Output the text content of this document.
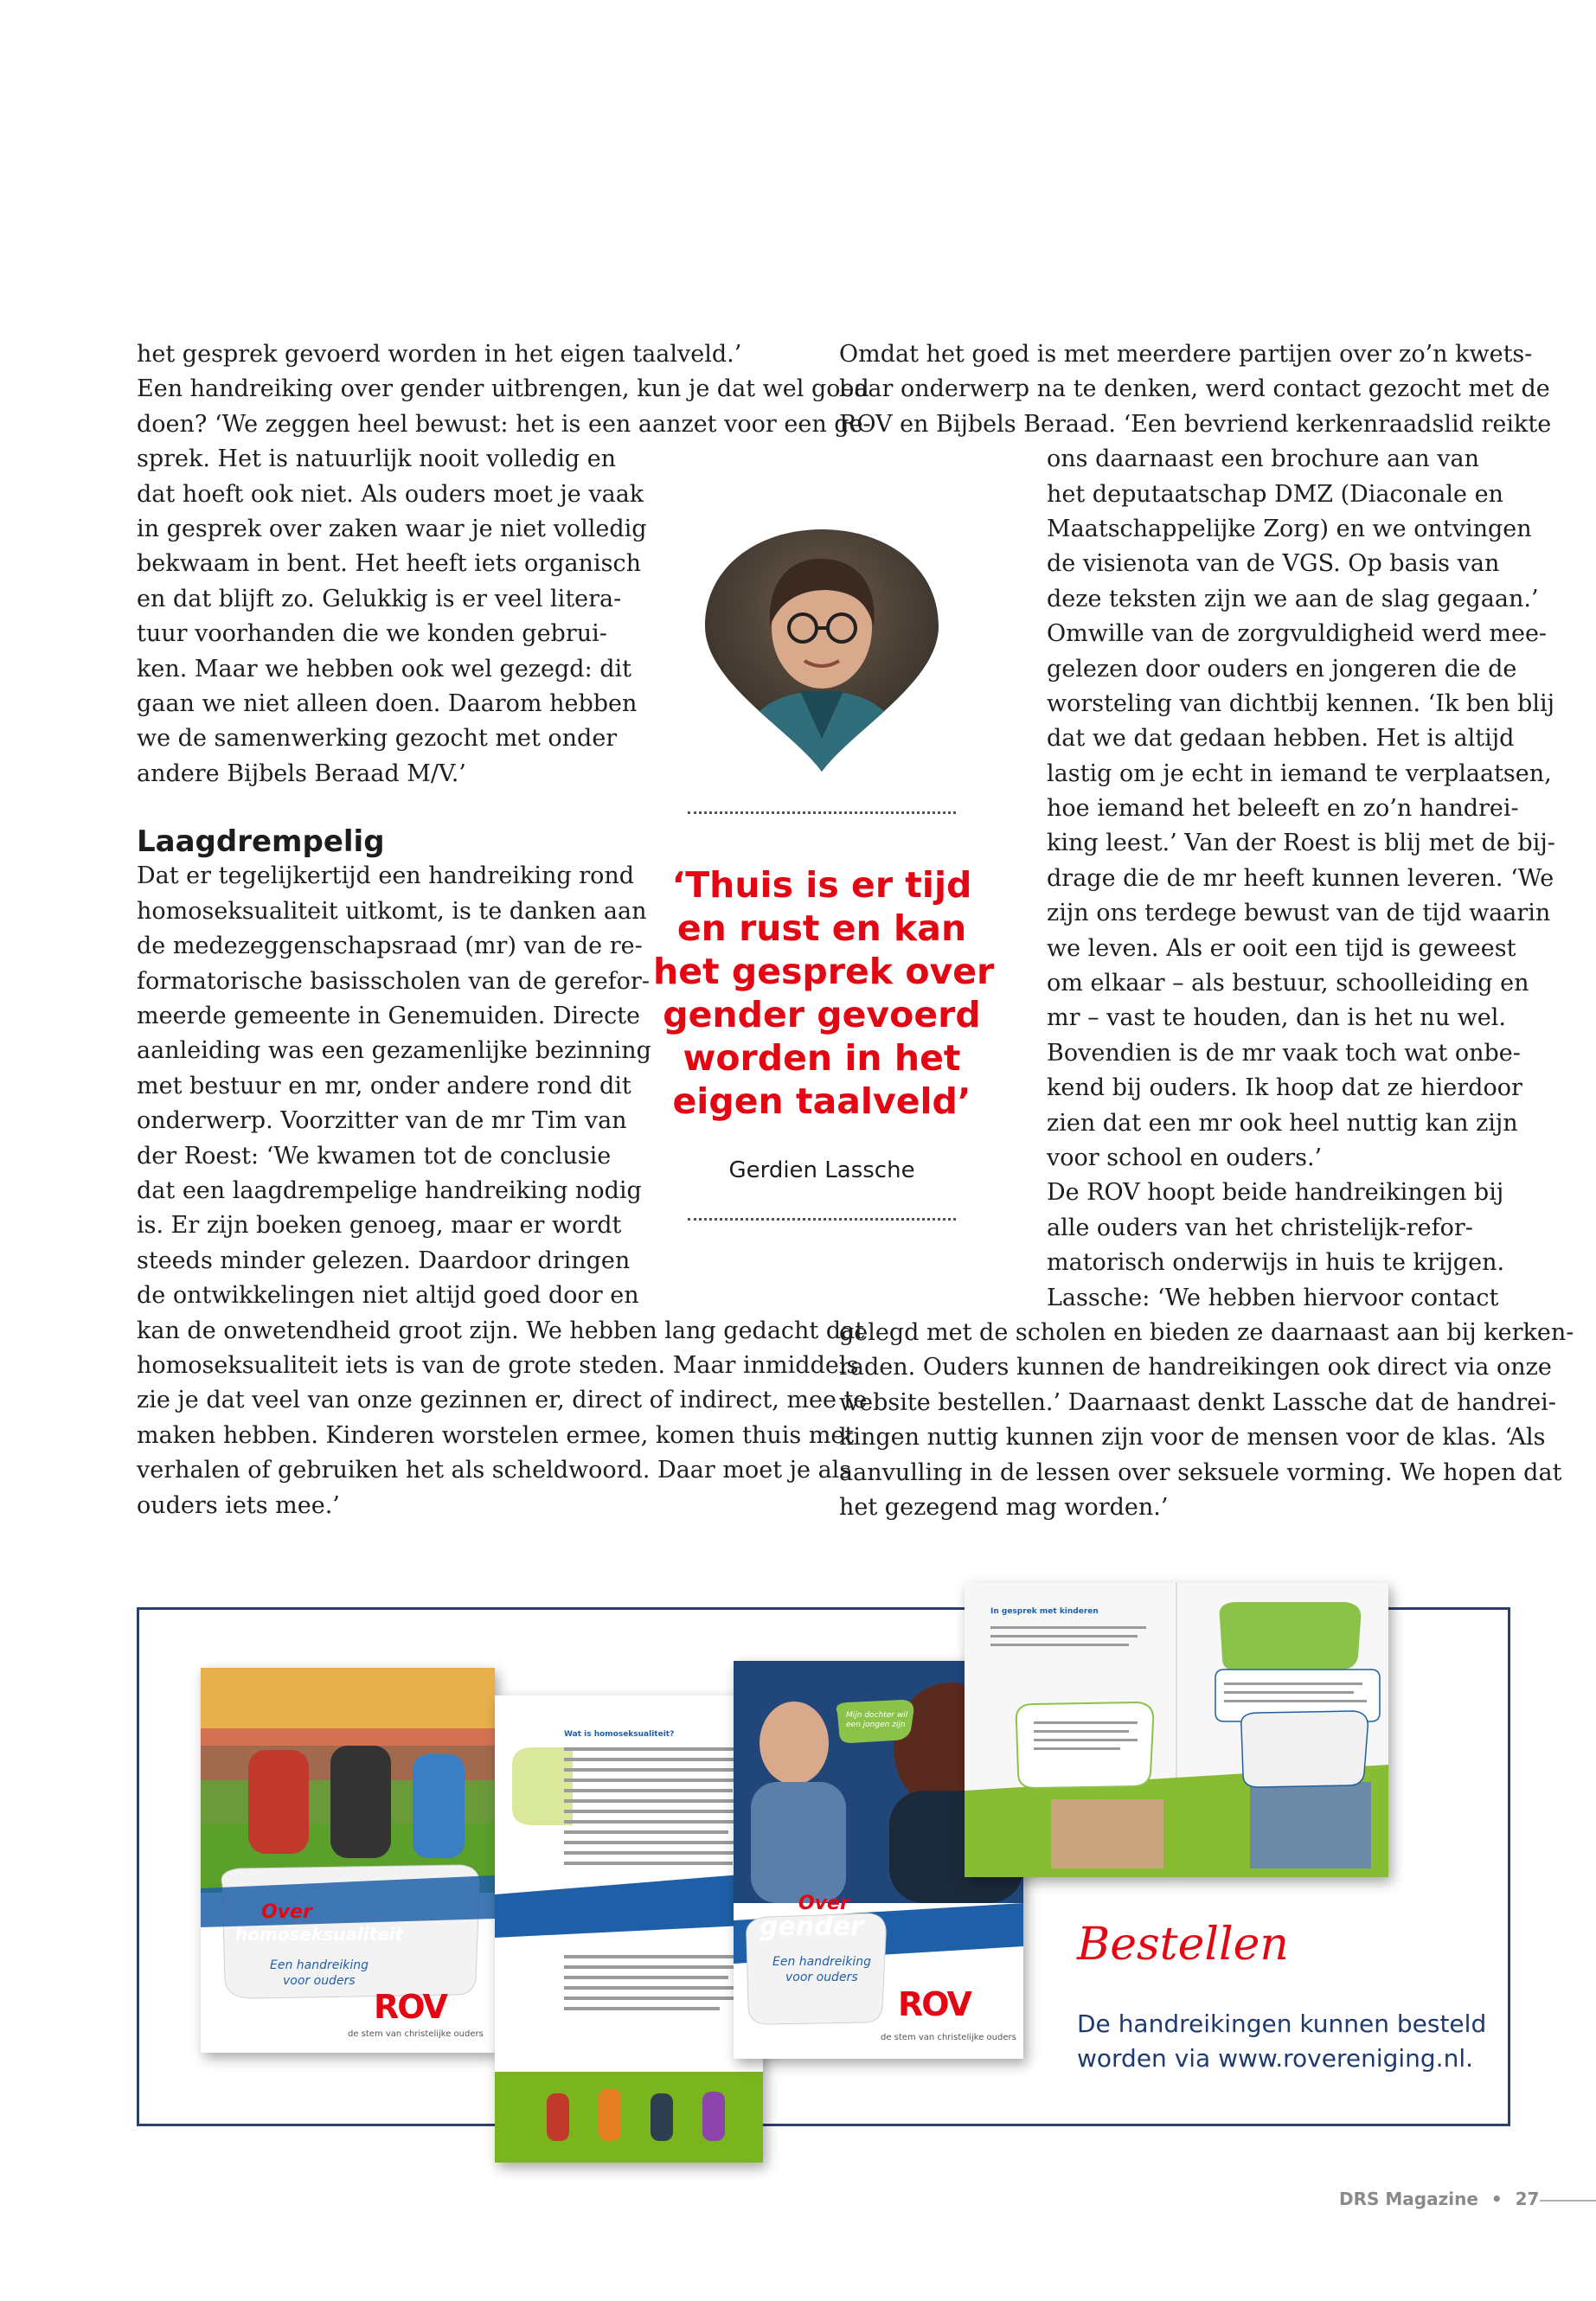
het gesprek gevoerd worden in het eigen taalveld.’
Een handreiking over gender uitbrengen, kun je dat wel goed
doen? ‘We zeggen heel bewust: het is een aanzet voor een ge-
sprek. Het is natuurlijk nooit volledig en
dat hoeft ook niet. Als ouders moet je vaak
in gesprek over zaken waar je niet volledig
bekwaam in bent. Het heeft iets organisch
en dat blijft zo. Gelukkig is er veel litera-
tuur voorhanden die we konden gebrui-
ken. Maar we hebben ook wel gezegd: dit
gaan we niet alleen doen. Daarom hebben
we de samenwerking gezocht met onder
andere Bijbels Beraad M/V.’
Laagdrempelig
Dat er tegelijkertijd een handreiking rond
homoseksualiteit uitkomt, is te danken aan
de medezeggenschapsraad (mr) van de re-
formatorische basisscholen van de gerefor-
meerde gemeente in Genemuiden. Directe
aanleiding was een gezamenlijke bezinning
met bestuur en mr, onder andere rond dit
onderwerp. Voorzitter van de mr Tim van
der Roest: ‘We kwamen tot de conclusie
dat een laagdrempelige handreiking nodig
is. Er zijn boeken genoeg, maar er wordt
steeds minder gelezen. Daardoor dringen
de ontwikkelingen niet altijd goed door en
kan de onwetendheid groot zijn. We hebben lang gedacht dat
homoseksualiteit iets is van de grote steden. Maar inmiddels
zie je dat veel van onze gezinnen er, direct of indirect, mee te
maken hebben. Kinderen worstelen ermee, komen thuis met
verhalen of gebruiken het als scheldwoord. Daar moet je als
ouders iets mee.’
Omdat het goed is met meerdere partijen over zo’n kwets-
baar onderwerp na te denken, werd contact gezocht met de
ROV en Bijbels Beraad. ‘Een bevriend kerkenraadslid reikte
ons daarnaast een brochure aan van
het deputaatschap DMZ (Diaconale en
Maatschappelijke Zorg) en we ontvingen
de visienota van de VGS. Op basis van
deze teksten zijn we aan de slag gegaan.’
Omwille van de zorgvuldigheid werd mee-
gelezen door ouders en jongeren die de
worsteling van dichtbij kennen. ‘Ik ben blij
dat we dat gedaan hebben. Het is altijd
lastig om je echt in iemand te verplaatsen,
hoe iemand het beleeft en zo’n handrei-
king leest.’ Van der Roest is blij met de bij-
drage die de mr heeft kunnen leveren. ‘We
zijn ons terdege bewust van de tijd waarin
we leven. Als er ooit een tijd is geweest
om elkaar – als bestuur, schoolleiding en
mr – vast te houden, dan is het nu wel.
Bovendien is de mr vaak toch wat onbe-
kend bij ouders. Ik hoop dat ze hierdoor
zien dat een mr ook heel nuttig kan zijn
voor school en ouders.’
De ROV hoopt beide handreikingen bij
alle ouders van het christelijk-refor-
matorisch onderwijs in huis te krijgen.
Lassche: ‘We hebben hiervoor contact
gelegd met de scholen en bieden ze daarnaast aan bij kerken-
raden. Ouders kunnen de handreikingen ook direct via onze
website bestellen.’ Daarnaast denkt Lassche dat de handrei-
kingen nuttig kunnen zijn voor de mensen voor de klas. ‘Als
aanvulling in de lessen over seksuele vorming. We hopen dat
het gezegend mag worden.’
‘Thuis is er tijd
en rust en kan
het gesprek over
gender gevoerd
worden in het
eigen taalveld’
Gerdien Lassche
Over
homoseksualiteit
Een handreiking
voor ouders
ROV
de stem van christelijke ouders
Wat is homoseksualiteit?
Mijn dochter wil een jongen zijn
Over
gender
Een handreiking
voor ouders
ROV
de stem van christelijke ouders
In gesprek met kinderen
Bestellen
De handreikingen kunnen besteld
worden via www.rovereniging.nl.
DRS Magazine • 27
